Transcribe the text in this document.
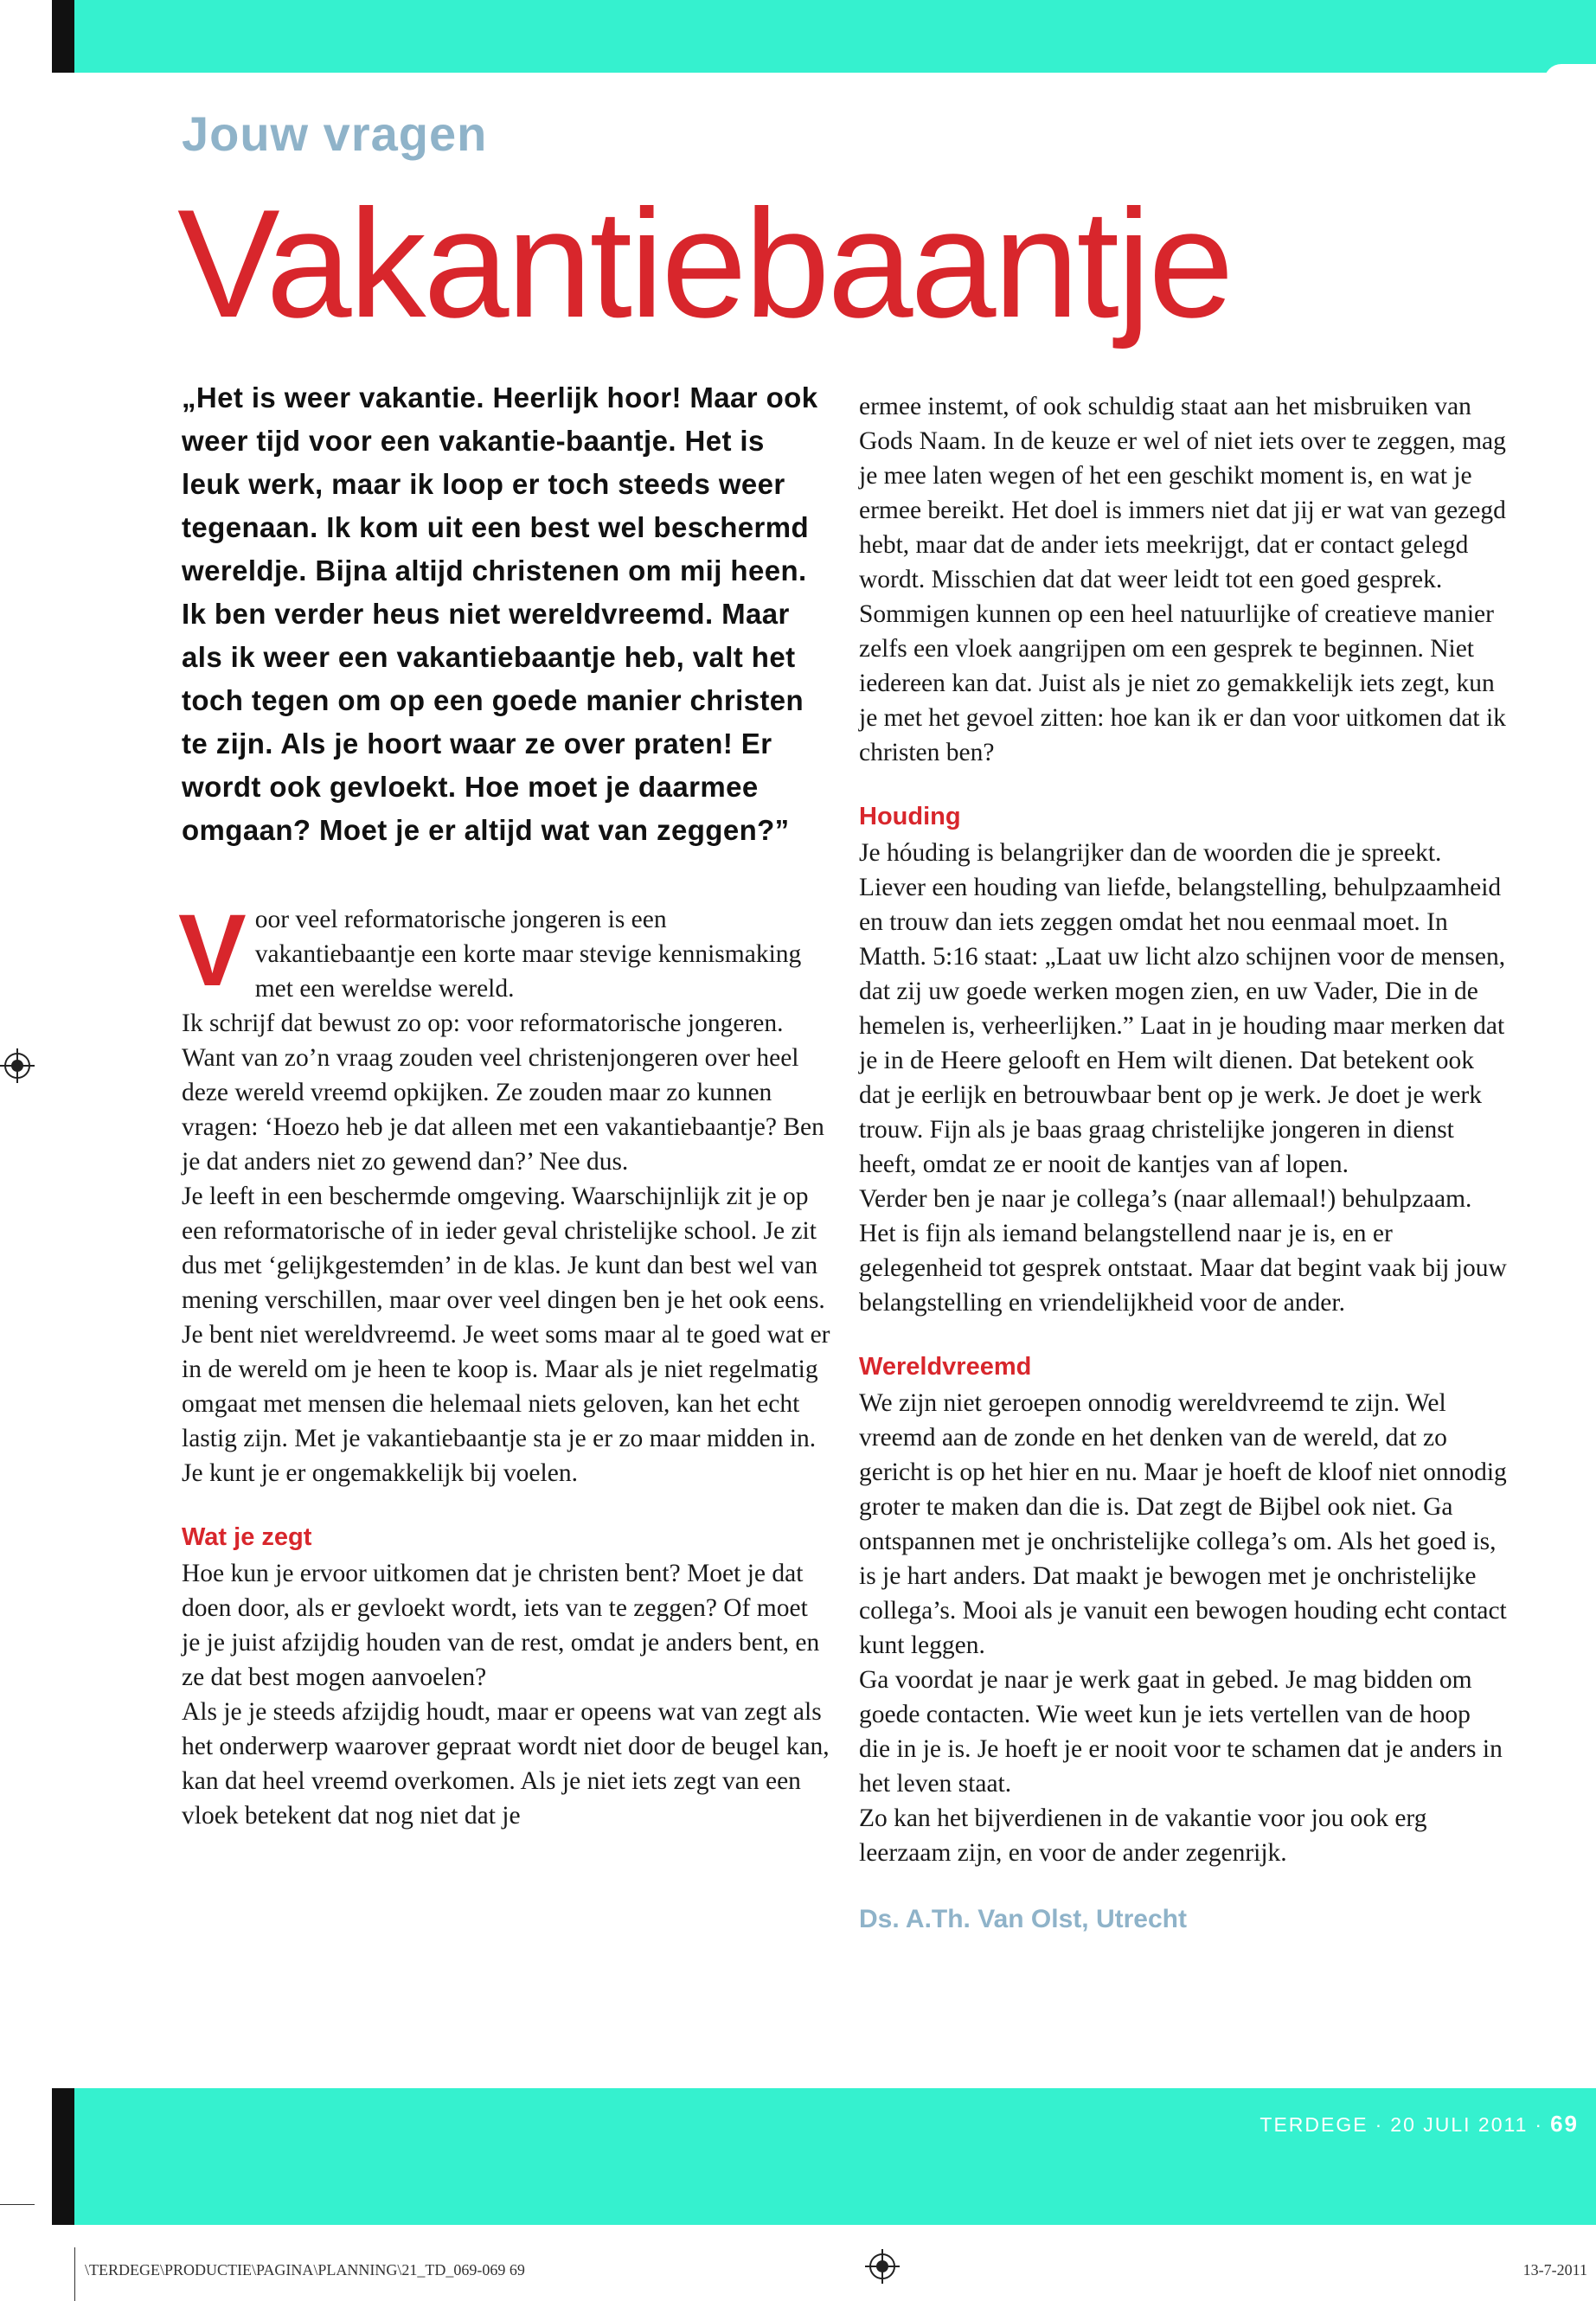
Jouw vragen
Vakantiebaantje

„Het is weer vakantie. Heerlijk hoor! Maar ook weer tijd voor een vakantie-baantje. Het is leuk werk, maar ik loop er toch steeds weer tegenaan. Ik kom uit een best wel beschermd wereldje. Bijna altijd christenen om mij heen. Ik ben verder heus niet wereldvreemd. Maar als ik weer een vakantiebaantje heb, valt het toch tegen om op een goede manier christen te zijn. Als je hoort waar ze over praten! Er wordt ook gevloekt. Hoe moet je daarmee omgaan? Moet je er altijd wat van zeggen?”

Voor veel reformatorische jongeren is een vakantiebaantje een korte maar stevige kennismaking met een wereldse wereld.

Ik schrijf dat bewust zo op: voor reformatorische jongeren. Want van zo’n vraag zouden veel christenjongeren over heel deze wereld vreemd opkijken. Ze zouden maar zo kunnen vragen: ‘Hoezo heb je dat alleen met een vakantiebaantje? Ben je dat anders niet zo gewend dan?’ Nee dus.

Je leeft in een beschermde omgeving. Waarschijnlijk zit je op een reformatorische of in ieder geval christelijke school. Je zit dus met ‘gelijkgestemden’ in de klas. Je kunt dan best wel van mening verschillen, maar over veel dingen ben je het ook eens.

Je bent niet wereldvreemd. Je weet soms maar al te goed wat er in de wereld om je heen te koop is. Maar als je niet regelmatig omgaat met mensen die helemaal niets geloven, kan het echt lastig zijn. Met je vakantiebaantje sta je er zo maar midden in. Je kunt je er ongemakkelijk bij voelen.

Wat je zegt

Hoe kun je ervoor uitkomen dat je christen bent? Moet je dat doen door, als er gevloekt wordt, iets van te zeggen? Of moet je je juist afzijdig houden van de rest, omdat je anders bent, en ze dat best mogen aanvoelen?

Als je je steeds afzijdig houdt, maar er opeens wat van zegt als het onderwerp waarover gepraat wordt niet door de beugel kan, kan dat heel vreemd overkomen. Als je niet iets zegt van een vloek betekent dat nog niet dat je

ermee instemt, of ook schuldig staat aan het misbruiken van Gods Naam. In de keuze er wel of niet iets over te zeggen, mag je mee laten wegen of het een geschikt moment is, en wat je ermee bereikt. Het doel is immers niet dat jij er wat van gezegd hebt, maar dat de ander iets meekrijgt, dat er contact gelegd wordt. Misschien dat dat weer leidt tot een goed gesprek.

Sommigen kunnen op een heel natuurlijke of creatieve manier zelfs een vloek aangrijpen om een gesprek te beginnen. Niet iedereen kan dat. Juist als je niet zo gemakkelijk iets zegt, kun je met het gevoel zitten: hoe kan ik er dan voor uitkomen dat ik christen ben?

Houding

Je hóuding is belangrijker dan de woorden die je spreekt. Liever een houding van liefde, belangstelling, behulpzaamheid en trouw dan iets zeggen omdat het nou eenmaal moet. In Matth. 5:16 staat: „Laat uw licht alzo schijnen voor de mensen, dat zij uw goede werken mogen zien, en uw Vader, Die in de hemelen is, verheerlijken.” Laat in je houding maar merken dat je in de Heere gelooft en Hem wilt dienen. Dat betekent ook dat je eerlijk en betrouwbaar bent op je werk. Je doet je werk trouw. Fijn als je baas graag christelijke jongeren in dienst heeft, omdat ze er nooit de kantjes van af lopen.

Verder ben je naar je collega’s (naar allemaal!) behulpzaam. Het is fijn als iemand belangstellend naar je is, en er gelegenheid tot gesprek ontstaat. Maar dat begint vaak bij jouw belangstelling en vriendelijkheid voor de ander.

Wereldvreemd

We zijn niet geroepen onnodig wereldvreemd te zijn. Wel vreemd aan de zonde en het denken van de wereld, dat zo gericht is op het hier en nu. Maar je hoeft de kloof niet onnodig groter te maken dan die is. Dat zegt de Bijbel ook niet. Ga ontspannen met je onchristelijke collega’s om. Als het goed is, is je hart anders. Dat maakt je bewogen met je onchristelijke collega’s. Mooi als je vanuit een bewogen houding echt contact kunt leggen.

Ga voordat je naar je werk gaat in gebed. Je mag bidden om goede contacten. Wie weet kun je iets vertellen van de hoop die in je is. Je hoeft je er nooit voor te schamen dat je anders in het leven staat.

Zo kan het bijverdienen in de vakantie voor jou ook erg leerzaam zijn, en voor de ander zegenrijk.

Ds. A.Th. Van Olst, Utrecht
TERDEGE · 20 JULI 2011 · 69
\TERDEGE\PRODUCTIE\PAGINA\PLANNING\21_TD_069-069 69	13-7-2011
